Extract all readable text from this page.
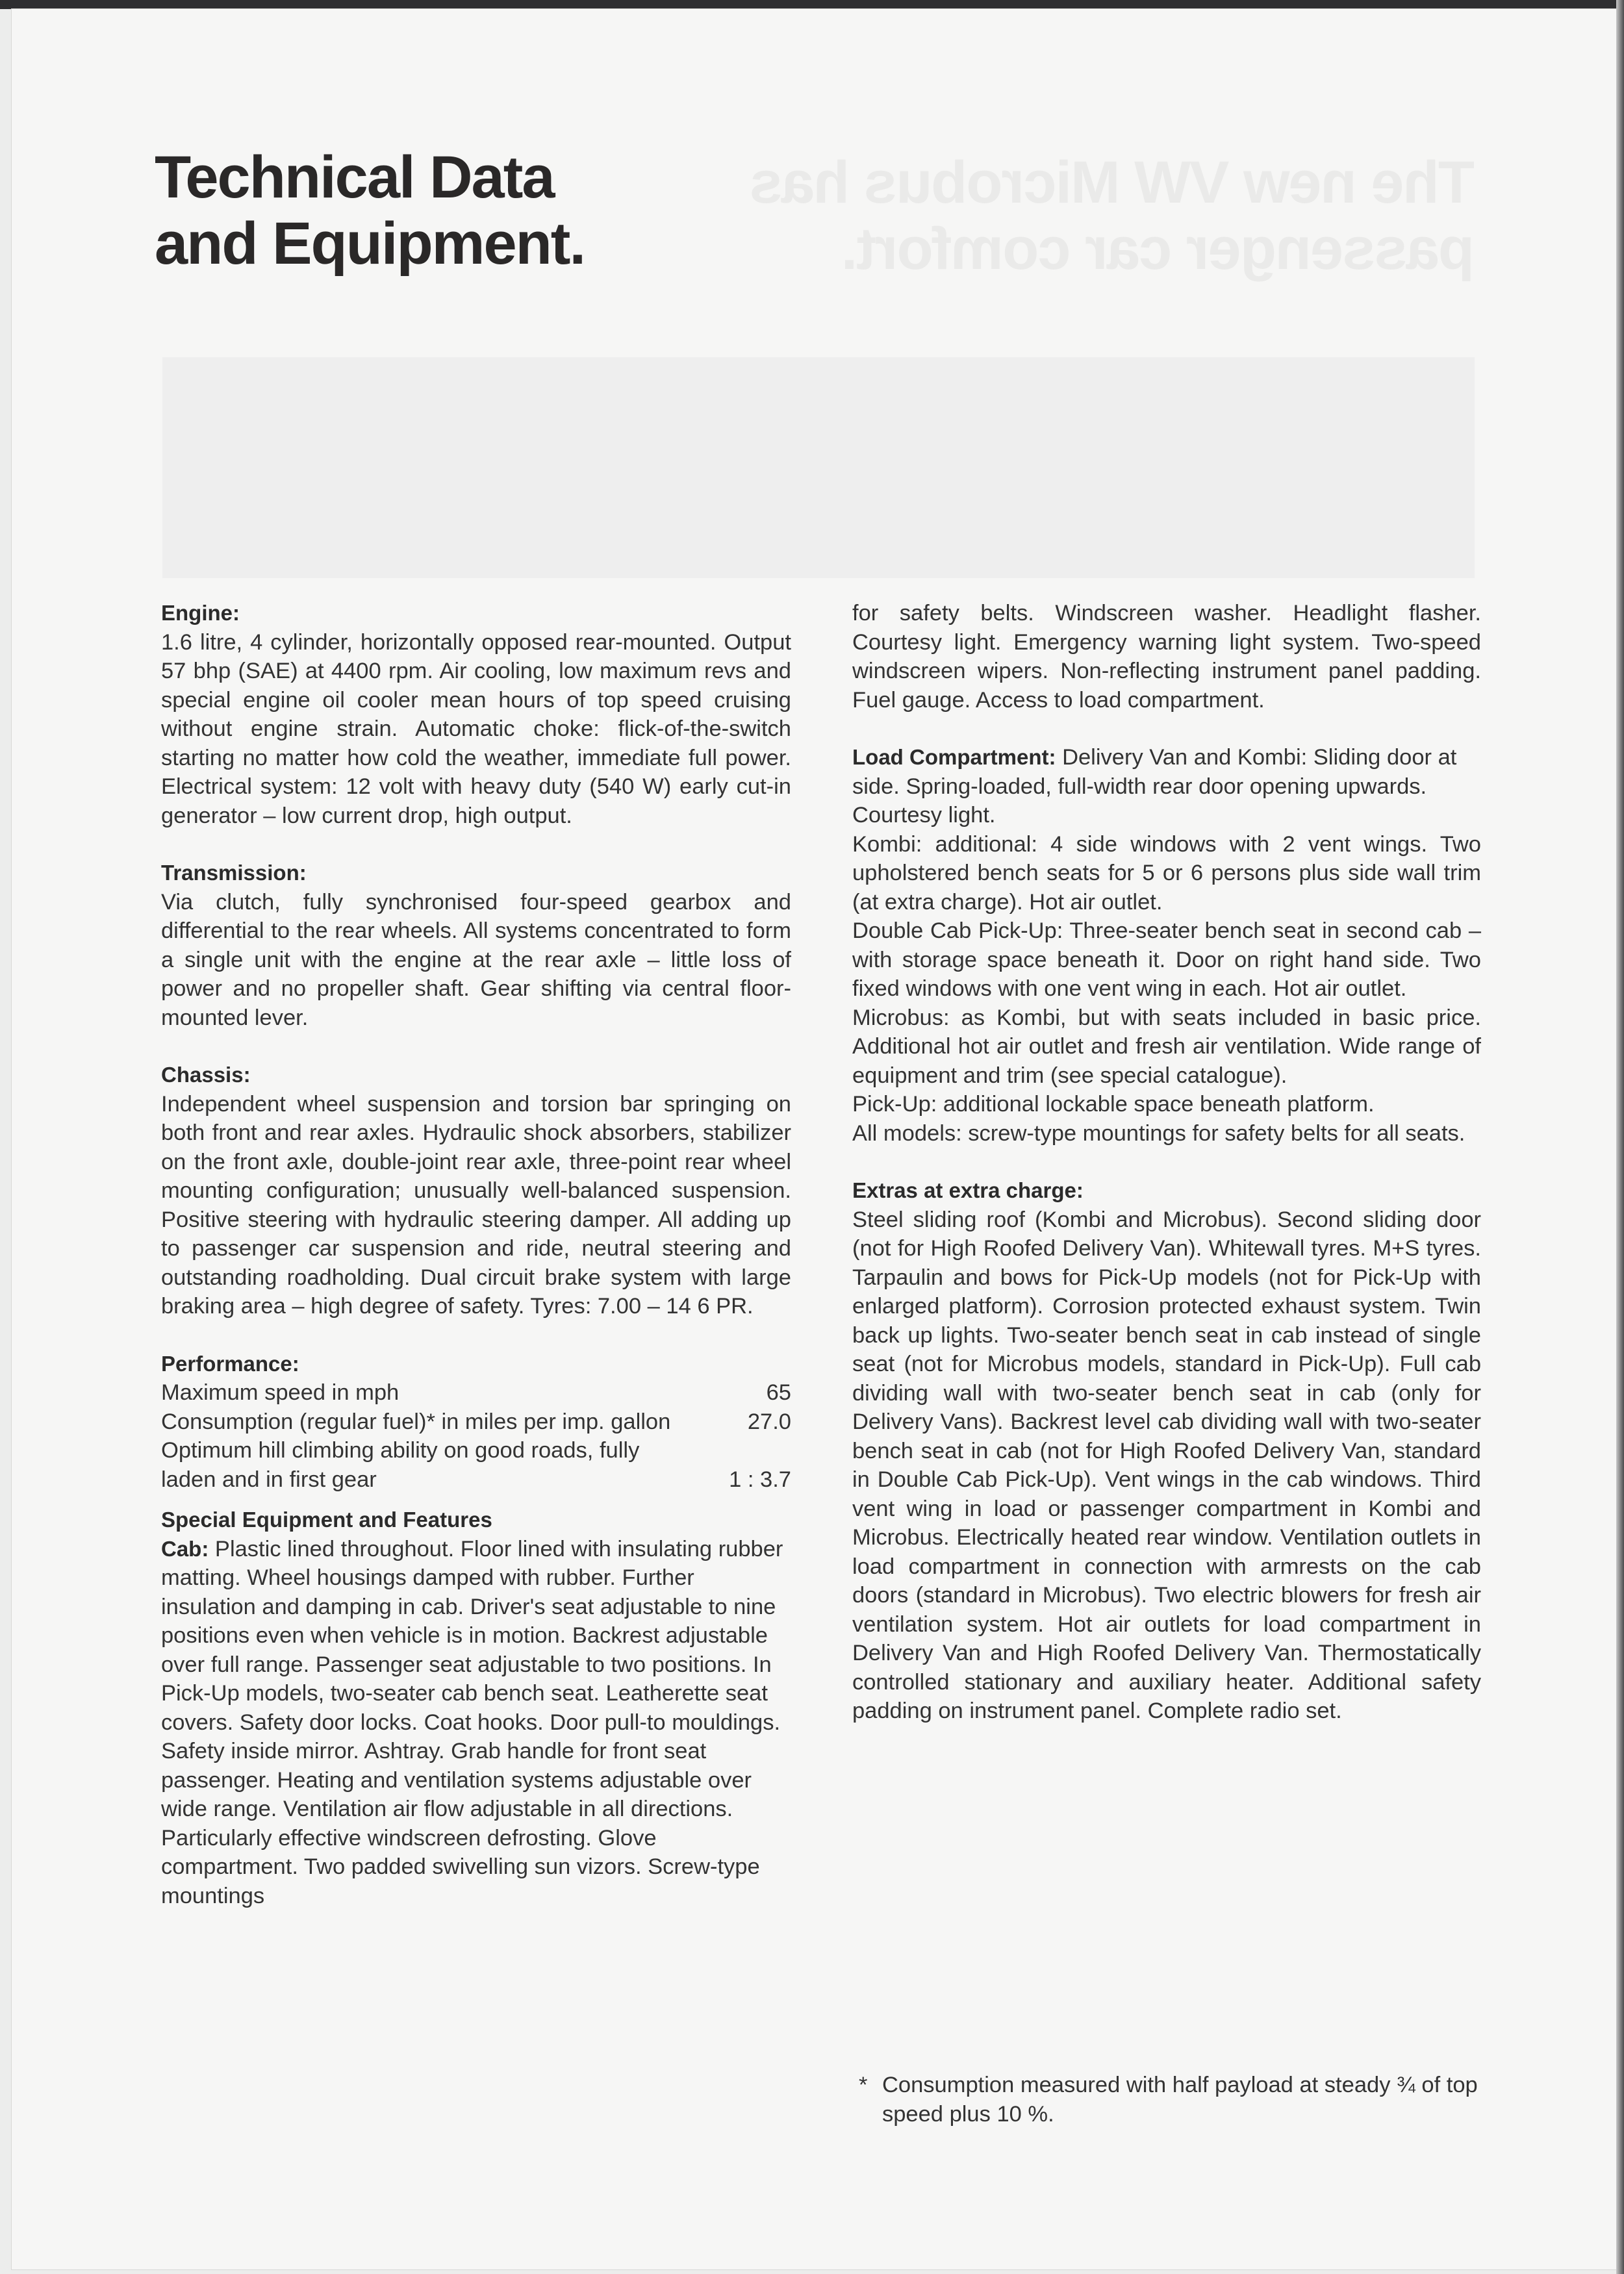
The new VW Microbus has passenger car comfort.
Technical Data
and Equipment.
Engine:

1.6 litre, 4 cylinder, horizontally opposed rear-mounted. Output 57 bhp (SAE) at 4400 rpm. Air cooling, low maximum revs and special engine oil cooler mean hours of top speed cruising without engine strain. Automatic choke: flick-of-the-switch starting no matter how cold the weather, immediate full power. Electrical system: 12 volt with heavy duty (540 W) early cut-in generator – low current drop, high output.

Transmission:

Via clutch, fully synchronised four-speed gearbox and differential to the rear wheels. All systems concentrated to form a single unit with the engine at the rear axle – little loss of power and no propeller shaft. Gear shifting via central floor-mounted lever.

Chassis:

Independent wheel suspension and torsion bar springing on both front and rear axles. Hydraulic shock absorbers, stabilizer on the front axle, double-joint rear axle, three-point rear wheel mounting configuration; unusually well-balanced suspension. Positive steering with hydraulic steering damper. All adding up to passenger car suspension and ride, neutral steering and outstanding roadholding. Dual circuit brake system with large braking area – high degree of safety. Tyres: 7.00 – 14 6 PR.

Performance:
Maximum speed in mph	65
Consumption (regular fuel)* in miles per imp. gallon	27.0
Optimum hill climbing ability on good roads, fully laden and in first gear	1 : 3.7
Special Equipment and Features

Cab: Plastic lined throughout. Floor lined with insulating rubber matting. Wheel housings damped with rubber. Further insulation and damping in cab. Driver's seat adjustable to nine positions even when vehicle is in motion. Backrest adjustable over full range. Passenger seat adjustable to two positions. In Pick-Up models, two-seater cab bench seat. Leatherette seat covers. Safety door locks. Coat hooks. Door pull-to mouldings. Safety inside mirror. Ashtray. Grab handle for front seat passenger. Heating and ventilation systems adjustable over wide range. Ventilation air flow adjustable in all directions. Particularly effective windscreen defrosting. Glove compartment. Two padded swivelling sun vizors. Screw-type mountings

for safety belts. Windscreen washer. Headlight flasher. Courtesy light. Emergency warning light system. Two-speed windscreen wipers. Non-reflecting instrument panel padding. Fuel gauge. Access to load compartment.

Load Compartment: Delivery Van and Kombi: Sliding door at side. Spring-loaded, full-width rear door opening upwards. Courtesy light.

Kombi: additional: 4 side windows with 2 vent wings. Two upholstered bench seats for 5 or 6 persons plus side wall trim (at extra charge). Hot air outlet.

Double Cab Pick-Up: Three-seater bench seat in second cab – with storage space beneath it. Door on right hand side. Two fixed windows with one vent wing in each. Hot air outlet.

Microbus: as Kombi, but with seats included in basic price. Additional hot air outlet and fresh air ventilation. Wide range of equipment and trim (see special catalogue).

Pick-Up: additional lockable space beneath platform.

All models: screw-type mountings for safety belts for all seats.

Extras at extra charge:

Steel sliding roof (Kombi and Microbus). Second sliding door (not for High Roofed Delivery Van). Whitewall tyres. M+S tyres. Tarpaulin and bows for Pick-Up models (not for Pick-Up with enlarged platform). Corrosion protected exhaust system. Twin back up lights. Two-seater bench seat in cab instead of single seat (not for Microbus models, standard in Pick-Up). Full cab dividing wall with two-seater bench seat in cab (only for Delivery Vans). Backrest level cab dividing wall with two-seater bench seat in cab (not for High Roofed Delivery Van, standard in Double Cab Pick-Up). Vent wings in the cab windows. Third vent wing in load or passenger compartment in Kombi and Microbus. Electrically heated rear window. Ventilation outlets in load compartment in connection with armrests on the cab doors (standard in Microbus). Two electric blowers for fresh air ventilation system. Hot air outlets for load compartment in Delivery Van and High Roofed Delivery Van. Thermostatically controlled stationary and auxiliary heater. Additional safety padding on instrument panel. Complete radio set.

* Consumption measured with half payload at steady ¾ of top speed plus 10 %.
